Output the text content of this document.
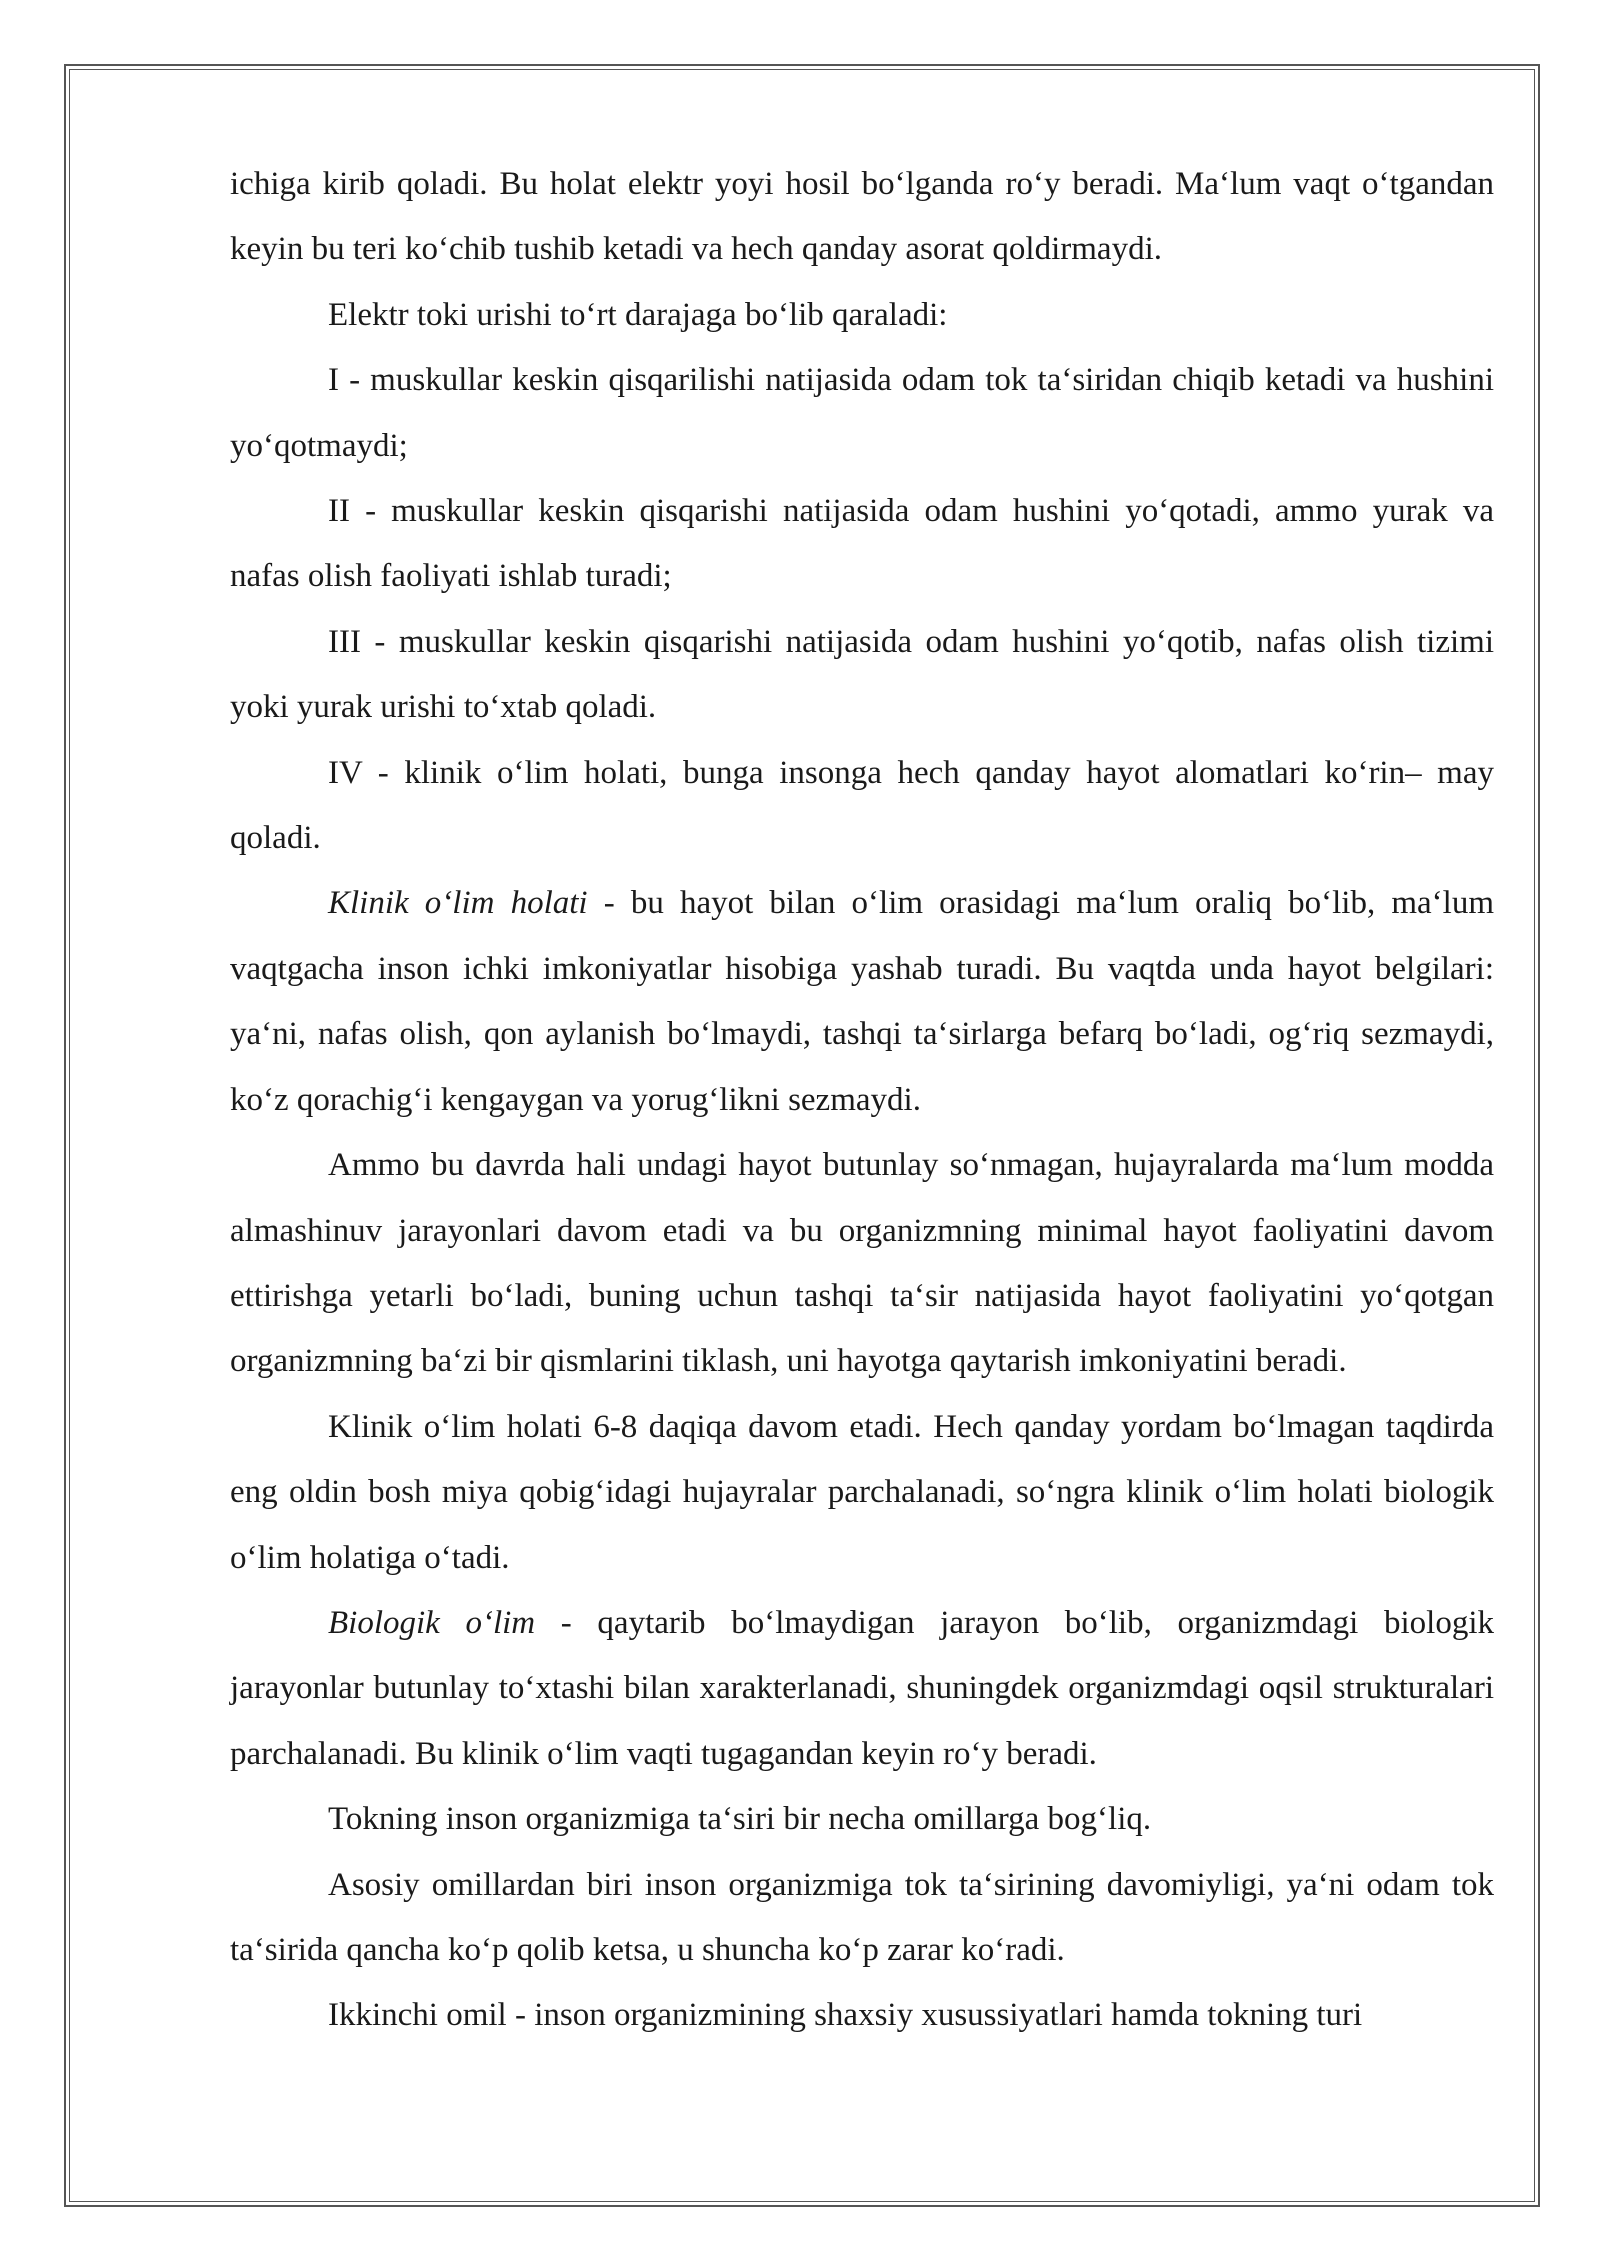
ichiga kirib qoladi. Bu holat elektr yoyi hosil bo‘lganda ro‘y beradi. Ma‘lum vaqt o‘tgandan keyin bu teri ko‘chib tushib ketadi va hech qanday asorat qoldirmaydi.

Elektr toki urishi to‘rt darajaga bo‘lib qaraladi:

I - muskullar keskin qisqarilishi natijasida odam tok ta‘siridan chiqib ketadi va hushini yo‘qotmaydi;

II - muskullar keskin qisqarishi natijasida odam hushini yo‘qotadi, ammo yurak va nafas olish faoliyati ishlab turadi;

III - muskullar keskin qisqarishi natijasida odam hushini yo‘qotib, nafas olish tizimi yoki yurak urishi to‘xtab qoladi.

IV - klinik o‘lim holati, bunga insonga hech qanday hayot alomatlari ko‘rin– may qoladi.

Klinik o‘lim holati - bu hayot bilan o‘lim orasidagi ma‘lum oraliq bo‘lib, ma‘lum vaqtgacha inson ichki imkoniyatlar hisobiga yashab turadi. Bu vaqtda unda hayot belgilari: ya‘ni, nafas olish, qon aylanish bo‘lmaydi, tashqi ta‘sirlarga befarq bo‘ladi, og‘riq sezmaydi, ko‘z qorachig‘i kengaygan va yorug‘likni sezmaydi.

Ammo bu davrda hali undagi hayot butunlay so‘nmagan, hujayralarda ma‘lum modda almashinuv jarayonlari davom etadi va bu organizmning minimal hayot faoliyatini davom ettirishga yetarli bo‘ladi, buning uchun tashqi ta‘sir natijasida hayot faoliyatini yo‘qotgan organizmning ba‘zi bir qismlarini tiklash, uni hayotga qaytarish imkoniyatini beradi.

Klinik o‘lim holati 6-8 daqiqa davom etadi. Hech qanday yordam bo‘lmagan taqdirda eng oldin bosh miya qobig‘idagi hujayralar parchalanadi, so‘ngra klinik o‘lim holati biologik o‘lim holatiga o‘tadi.

Biologik o‘lim - qaytarib bo‘lmaydigan jarayon bo‘lib, organizmdagi biologik jarayonlar butunlay to‘xtashi bilan xarakterlanadi, shuningdek organizmdagi oqsil strukturalari parchalanadi. Bu klinik o‘lim vaqti tugagandan keyin ro‘y beradi.

Tokning inson organizmiga ta‘siri bir necha omillarga bog‘liq.

Asosiy omillardan biri inson organizmiga tok ta‘sirining davomiyligi, ya‘ni odam tok ta‘sirida qancha ko‘p qolib ketsa, u shuncha ko‘p zarar ko‘radi.

Ikkinchi omil - inson organizmining shaxsiy xusussiyatlari hamda tokning turi
